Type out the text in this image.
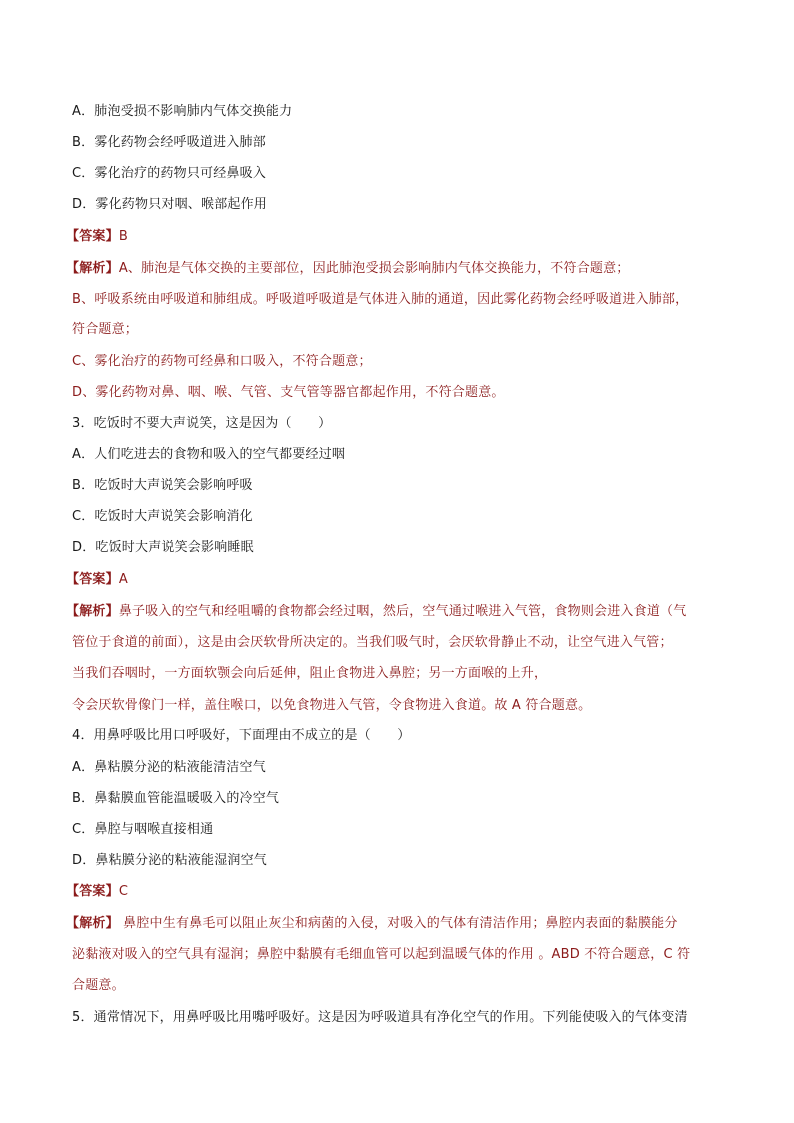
A．肺泡受损不影响肺内气体交换能力
B．雾化药物会经呼吸道进入肺部
C．雾化治疗的药物只可经鼻吸入
D．雾化药物只对咽、喉部起作用
【答案】B
【解析】A、肺泡是气体交换的主要部位，因此肺泡受损会影响肺内气体交换能力，不符合题意；
B、呼吸系统由呼吸道和肺组成。呼吸道呼吸道是气体进入肺的通道，因此雾化药物会经呼吸道进入肺部，
符合题意；
C、雾化治疗的药物可经鼻和口吸入，不符合题意；
D、雾化药物对鼻、咽、喉、气管、支气管等器官都起作用，不符合题意。
3．吃饭时不要大声说笑，这是因为（　　）
A．人们吃进去的食物和吸入的空气都要经过咽
B．吃饭时大声说笑会影响呼吸
C．吃饭时大声说笑会影响消化
D．吃饭时大声说笑会影响睡眠
【答案】A
【解析】鼻子吸入的空气和经咀嚼的食物都会经过咽，然后，空气通过喉进入气管，食物则会进入食道（气
管位于食道的前面），这是由会厌软骨所决定的。当我们吸气时，会厌软骨静止不动，让空气进入气管；
当我们吞咽时，一方面软颚会向后延伸，阻止食物进入鼻腔；另一方面喉的上升，
令会厌软骨像门一样，盖住喉口，以免食物进入气管，令食物进入食道。故 A 符合题意。
4．用鼻呼吸比用口呼吸好，下面理由不成立的是（　　）
A．鼻粘膜分泌的粘液能清洁空气
B．鼻黏膜血管能温暖吸入的冷空气
C．鼻腔与咽喉直接相通
D．鼻粘膜分泌的粘液能湿润空气
【答案】C
【解析】 鼻腔中生有鼻毛可以阻止灰尘和病菌的入侵，对吸入的气体有清洁作用；鼻腔内表面的黏膜能分
泌黏液对吸入的空气具有湿润；鼻腔中黏膜有毛细血管可以起到温暖气体的作用 。ABD 不符合题意，C 符
合题意。
5．通常情况下，用鼻呼吸比用嘴呼吸好。这是因为呼吸道具有净化空气的作用。下列能使吸入的气体变清
